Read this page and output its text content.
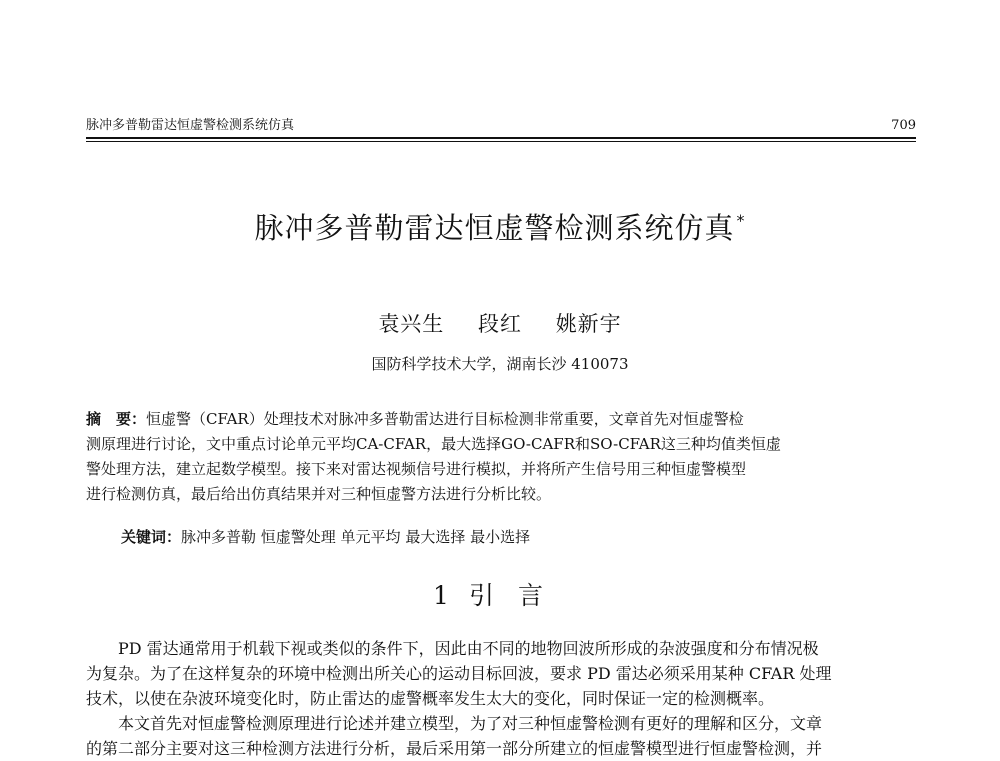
脉冲多普勒雷达恒虚警检测系统仿真	709
脉冲多普勒雷达恒虚警检测系统仿真 *
袁兴生 段红 姚新宇
国防科学技术大学，湖南长沙 410073
摘　要：恒虚警（CFAR）处理技术对脉冲多普勒雷达进行目标检测非常重要，文章首先对恒虚警检
测原理进行讨论，文中重点讨论单元平均CA-CFAR，最大选择GO-CAFR和SO-CFAR这三种均值类恒虚
警处理方法，建立起数学模型。接下来对雷达视频信号进行模拟，并将所产生信号用三种恒虚警模型
进行检测仿真，最后给出仿真结果并对三种恒虚警方法进行分析比较。
关键词：脉冲多普勒 恒虚警处理 单元平均 最大选择 最小选择
1 引言
PD 雷达通常用于机载下视或类似的条件下，因此由不同的地物回波所形成的杂波强度和分布情况极
为复杂。为了在这样复杂的环境中检测出所关心的运动目标回波，要求 PD 雷达必须采用某种 CFAR 处理
技术，以使在杂波环境变化时，防止雷达的虚警概率发生太大的变化，同时保证一定的检测概率。
本文首先对恒虚警检测原理进行论述并建立模型，为了对三种恒虚警检测有更好的理解和区分，文章
的第二部分主要对这三种检测方法进行分析，最后采用第一部分所建立的恒虚警模型进行恒虚警检测，并
